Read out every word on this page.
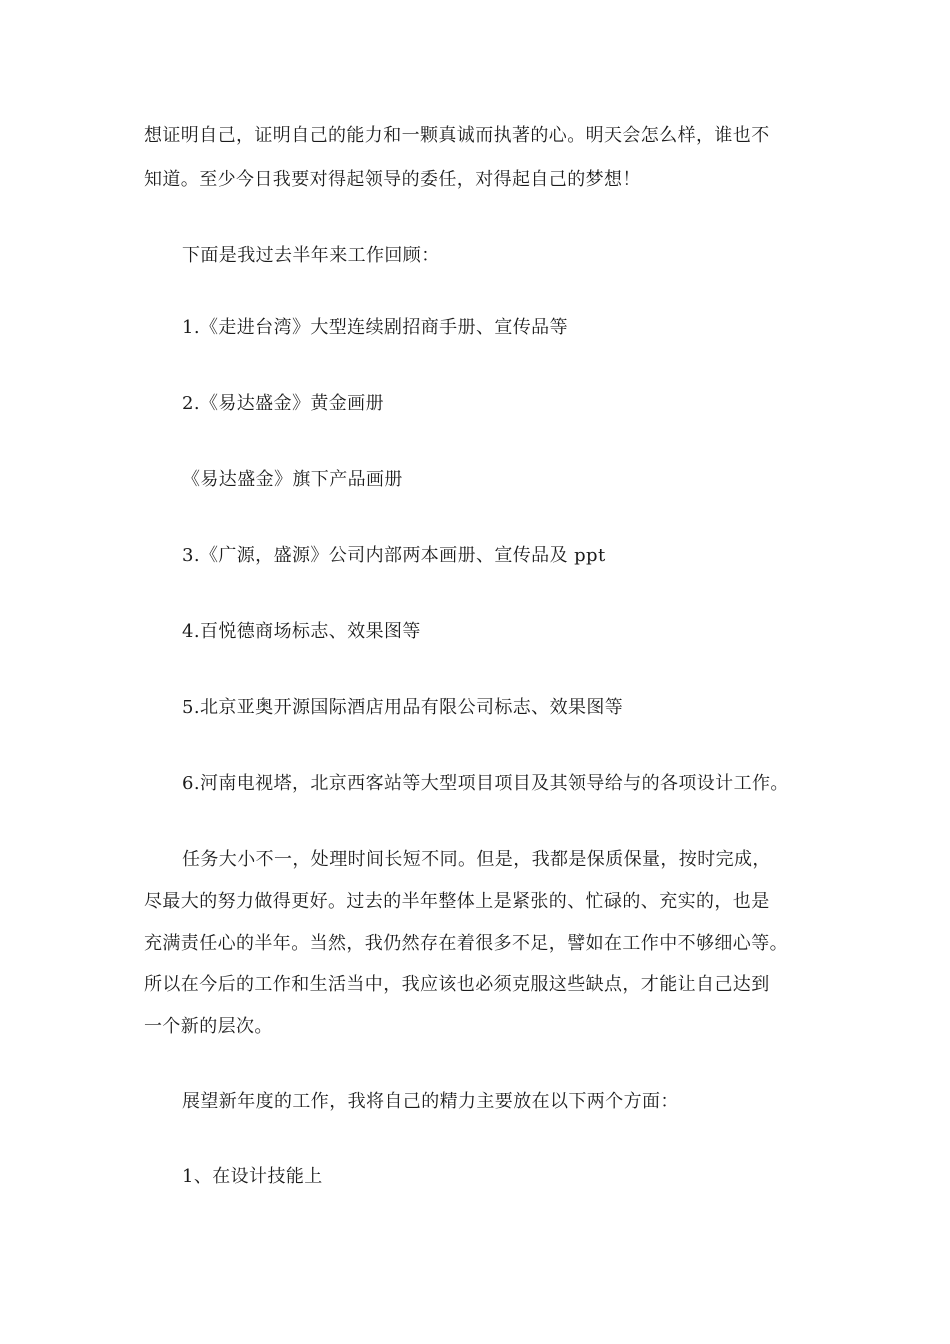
想证明自己，证明自己的能力和一颗真诚而执著的心。明天会怎么样，谁也不
知道。至少今日我要对得起领导的委任，对得起自己的梦想！
下面是我过去半年来工作回顾：
1.《走进台湾》大型连续剧招商手册、宣传品等
2.《易达盛金》黄金画册
《易达盛金》旗下产品画册
3.《广源，盛源》公司内部两本画册、宣传品及 ppt
4.百悦德商场标志、效果图等
5.北京亚奥开源国际酒店用品有限公司标志、效果图等
6.河南电视塔，北京西客站等大型项目项目及其领导给与的各项设计工作。
任务大小不一，处理时间长短不同。但是，我都是保质保量，按时完成，
尽最大的努力做得更好。过去的半年整体上是紧张的、忙碌的、充实的，也是
充满责任心的半年。当然，我仍然存在着很多不足，譬如在工作中不够细心等。
所以在今后的工作和生活当中，我应该也必须克服这些缺点，才能让自己达到
一个新的层次。
展望新年度的工作，我将自己的精力主要放在以下两个方面：
1、在设计技能上
